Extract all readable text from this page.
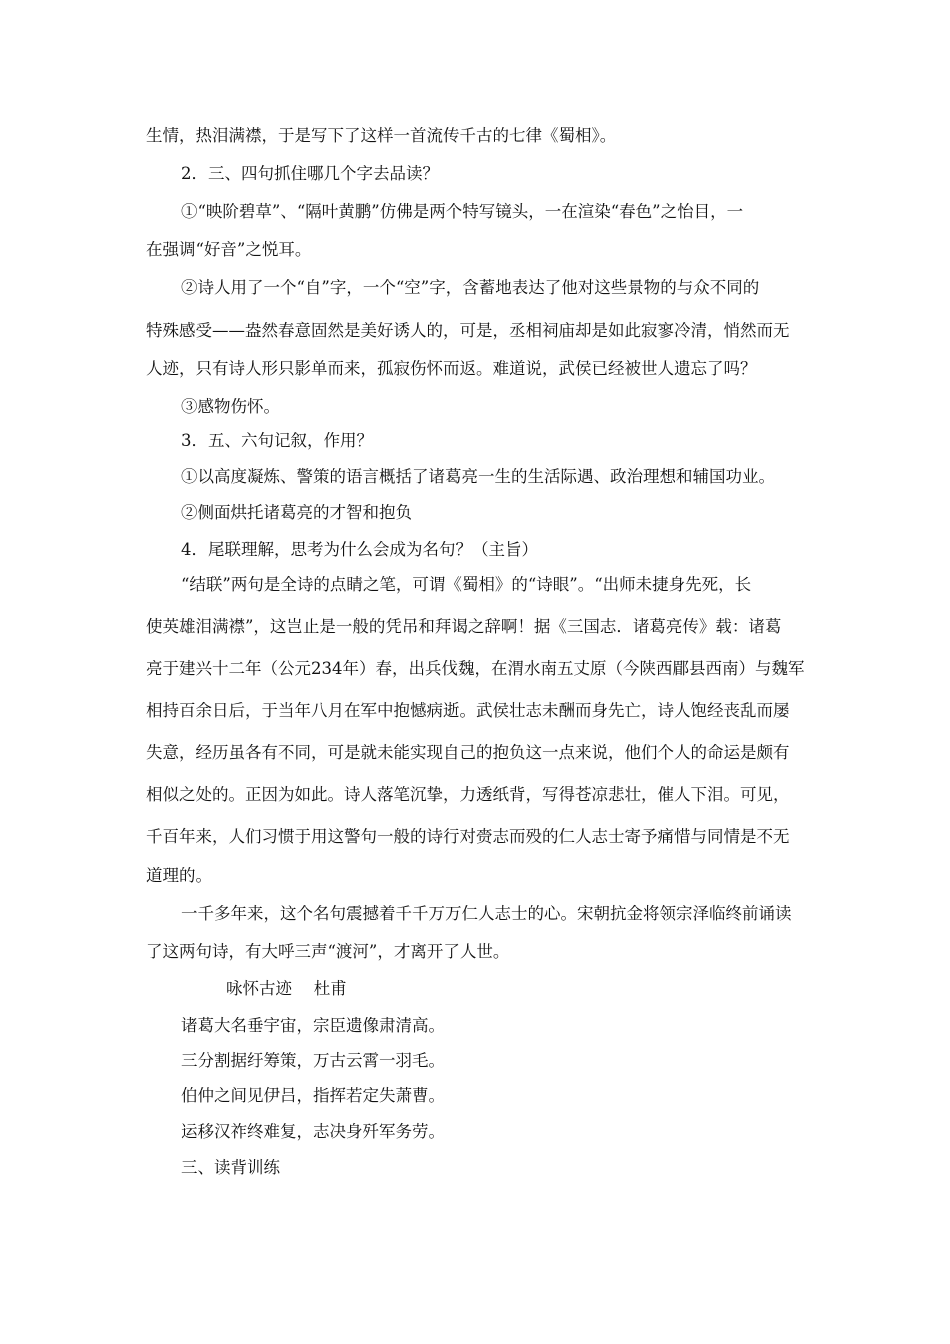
生情，热泪满襟，于是写下了这样一首流传千古的七律《蜀相》。
2．三、四句抓住哪几个字去品读？
①“映阶碧草”、“隔叶黄鹏”仿佛是两个特写镜头，一在渲染“春色”之怡目，一
在强调“好音”之悦耳。
②诗人用了一个“自”字，一个“空”字，含蓄地表达了他对这些景物的与众不同的
特殊感受——盎然春意固然是美好诱人的，可是，丞相祠庙却是如此寂寥冷清，悄然而无
人迹，只有诗人形只影单而来，孤寂伤怀而返。难道说，武侯已经被世人遗忘了吗？
③感物伤怀。
3．五、六句记叙，作用？
①以高度凝炼、警策的语言概括了诸葛亮一生的生活际遇、政治理想和辅国功业。
②侧面烘托诸葛亮的才智和抱负
4．尾联理解，思考为什么会成为名句？（主旨）
“结联”两句是全诗的点睛之笔，可谓《蜀相》的“诗眼”。“出师未捷身先死，长
使英雄泪满襟”，这岂止是一般的凭吊和拜谒之辞啊！据《三国志．诸葛亮传》载：诸葛
亮于建兴十二年（公元234年）春，出兵伐魏，在渭水南五丈原（今陕西郿县西南）与魏军
相持百余日后，于当年八月在军中抱憾病逝。武侯壮志未酬而身先亡，诗人饱经丧乱而屡
失意，经历虽各有不同，可是就未能实现自己的抱负这一点来说，他们个人的命运是颇有
相似之处的。正因为如此。诗人落笔沉挚，力透纸背，写得苍凉悲壮，催人下泪。可见，
千百年来，人们习惯于用这警句一般的诗行对赍志而殁的仁人志士寄予痛惜与同情是不无
道理的。
一千多年来，这个名句震撼着千千万万仁人志士的心。宋朝抗金将领宗泽临终前诵读
了这两句诗，有大呼三声“渡河”，才离开了人世。
咏怀古迹　 杜甫
诸葛大名垂宇宙，宗臣遗像肃清高。
三分割据纡筹策，万古云霄一羽毛。
伯仲之间见伊吕，指挥若定失萧曹。
运移汉祚终难复，志决身歼军务劳。
三、读背训练
